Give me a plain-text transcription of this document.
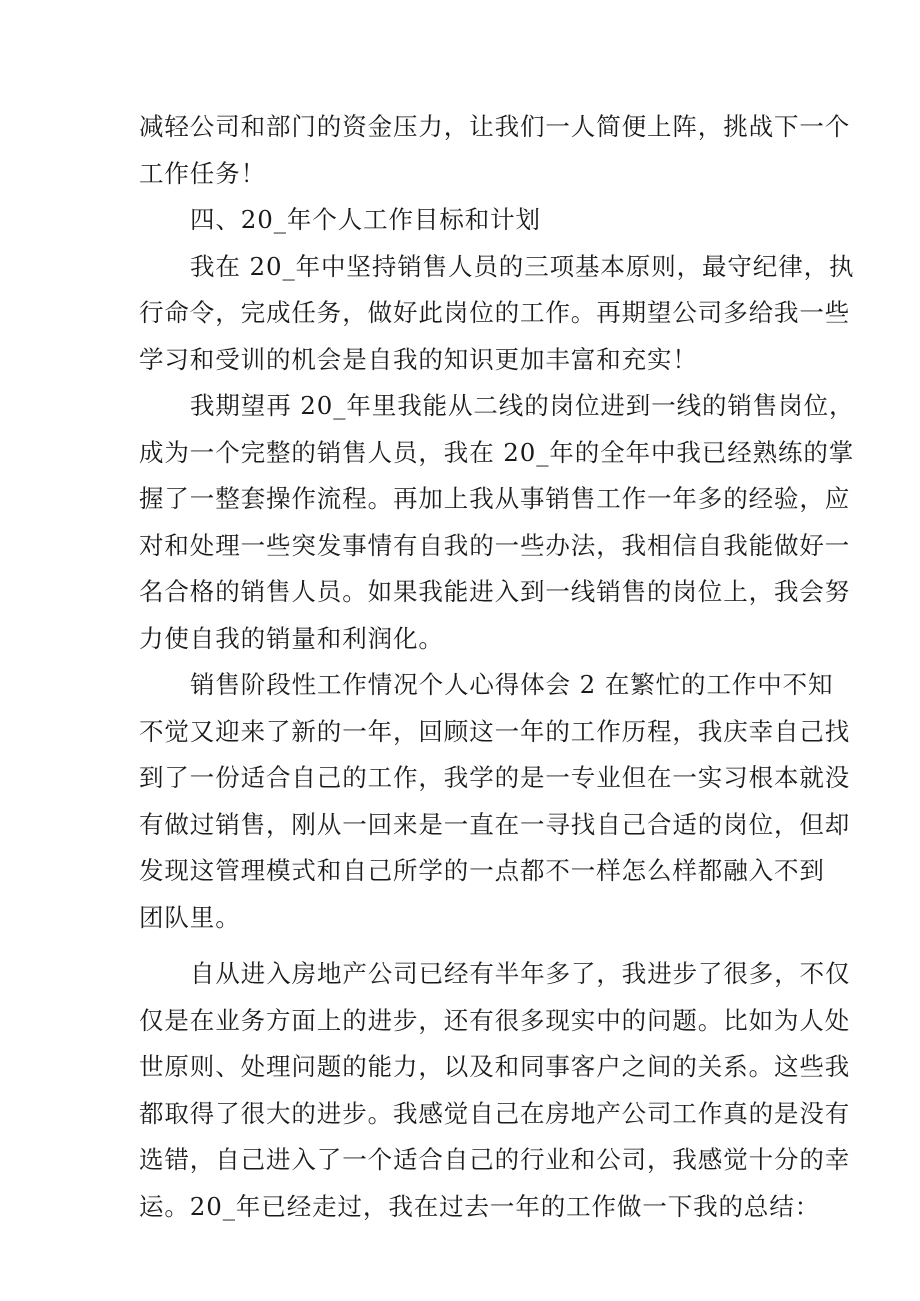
减轻公司和部门的资金压力，让我们一人简便上阵，挑战下一个
工作任务！
四、20_年个人工作目标和计划
我在 20_年中坚持销售人员的三项基本原则，最守纪律，执
行命令，完成任务，做好此岗位的工作。再期望公司多给我一些
学习和受训的机会是自我的知识更加丰富和充实！
我期望再 20_年里我能从二线的岗位进到一线的销售岗位，
成为一个完整的销售人员，我在 20_年的全年中我已经熟练的掌
握了一整套操作流程。再加上我从事销售工作一年多的经验，应
对和处理一些突发事情有自我的一些办法，我相信自我能做好一
名合格的销售人员。如果我能进入到一线销售的岗位上，我会努
力使自我的销量和利润化。
销售阶段性工作情况个人心得体会 2 在繁忙的工作中不知
不觉又迎来了新的一年，回顾这一年的工作历程，我庆幸自己找
到了一份适合自己的工作，我学的是一专业但在一实习根本就没
有做过销售，刚从一回来是一直在一寻找自己合适的岗位，但却
发现这管理模式和自己所学的一点都不一样怎么样都融入不到
团队里。
自从进入房地产公司已经有半年多了，我进步了很多，不仅
仅是在业务方面上的进步，还有很多现实中的问题。比如为人处
世原则、处理问题的能力，以及和同事客户之间的关系。这些我
都取得了很大的进步。我感觉自己在房地产公司工作真的是没有
选错，自己进入了一个适合自己的行业和公司，我感觉十分的幸
运。20_年已经走过，我在过去一年的工作做一下我的总结：
